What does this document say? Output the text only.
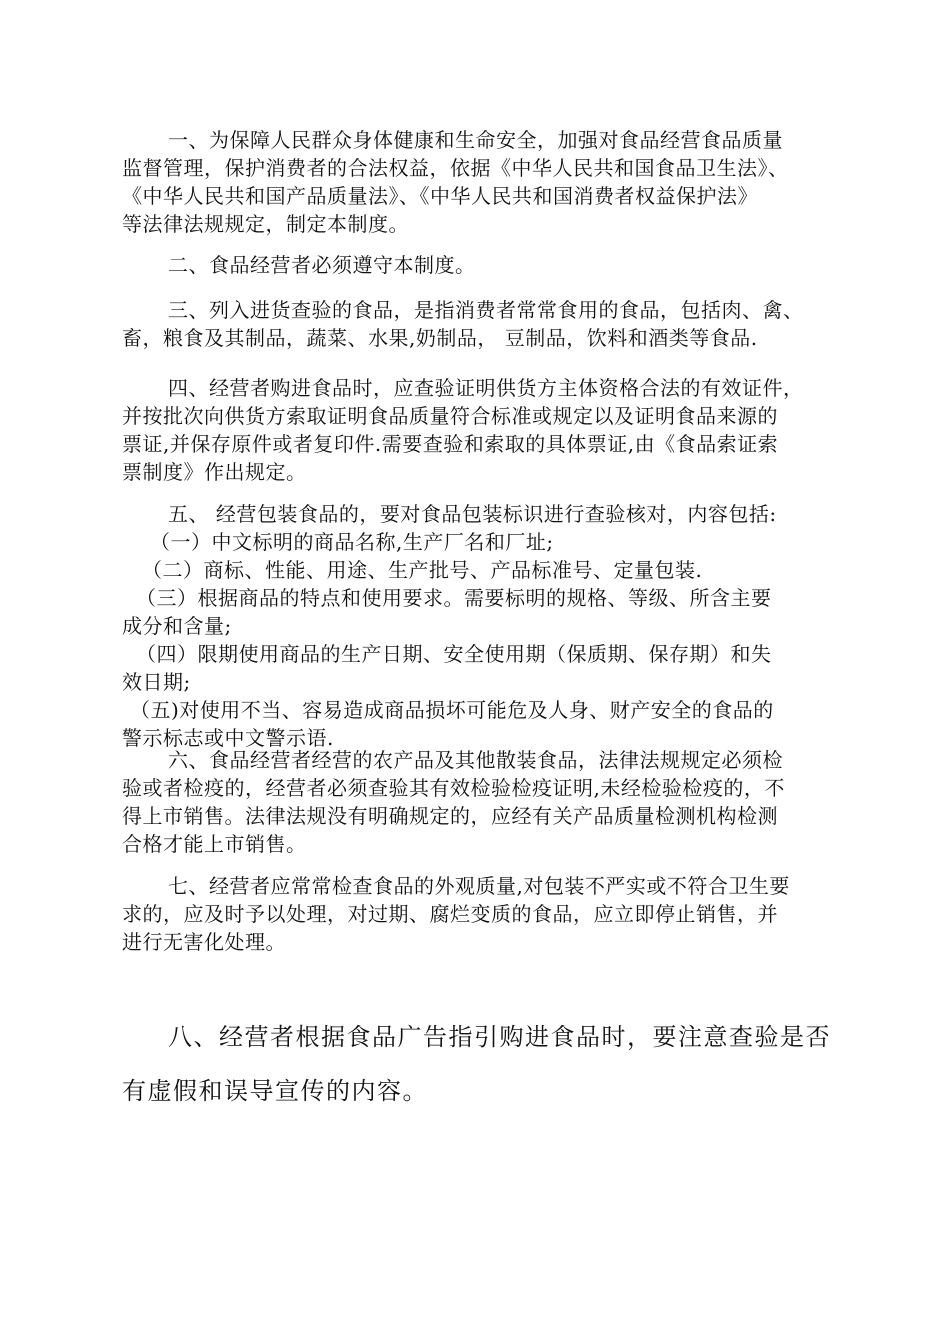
一、为保障人民群众身体健康和生命安全，加强对食品经营食品质量
监督管理，保护消费者的合法权益，依据《中华人民共和国食品卫生法》、
《中华人民共和国产品质量法》、《中华人民共和国消费者权益保护法》
等法律法规规定，制定本制度。
二、食品经营者必须遵守本制度。
三、列入进货查验的食品，是指消费者常常食用的食品，包括肉、禽、
畜，粮食及其制品，蔬菜、水果,奶制品， 豆制品，饮料和酒类等食品.
四、经营者购进食品时，应查验证明供货方主体资格合法的有效证件，
并按批次向供货方索取证明食品质量符合标准或规定以及证明食品来源的
票证,并保存原件或者复印件.需要查验和索取的具体票证,由《食品索证索
票制度》作出规定。
五、 经营包装食品的，要对食品包装标识进行查验核对，内容包括:
（一）中文标明的商品名称,生产厂名和厂址;
（二）商标、性能、用途、生产批号、产品标准号、定量包装.
（三）根据商品的特点和使用要求。需要标明的规格、等级、所含主要
成分和含量;
（四）限期使用商品的生产日期、安全使用期（保质期、保存期）和失
效日期;
（五)对使用不当、容易造成商品损坏可能危及人身、财产安全的食品的
警示标志或中文警示语.
六、食品经营者经营的农产品及其他散装食品，法律法规规定必须检
验或者检疫的，经营者必须查验其有效检验检疫证明,未经检验检疫的，不
得上市销售。法律法规没有明确规定的，应经有关产品质量检测机构检测
合格才能上市销售。
七、经营者应常常检查食品的外观质量,对包装不严实或不符合卫生要
求的，应及时予以处理，对过期、腐烂变质的食品，应立即停止销售，并
进行无害化处理。
八、经营者根据食品广告指引购进食品时，要注意查验是否
有虚假和误导宣传的内容。
